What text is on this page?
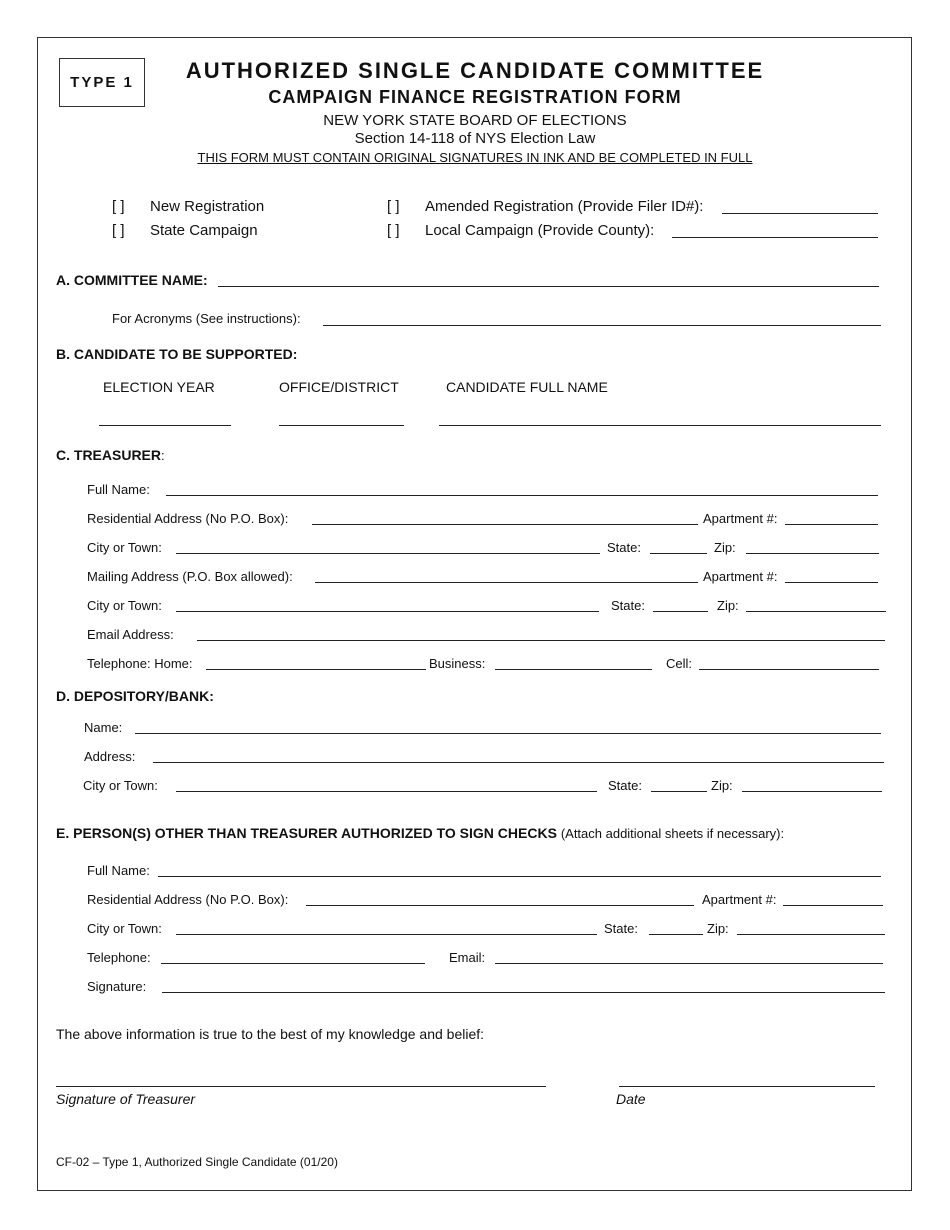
TYPE 1	AUTHORIZED SINGLE CANDIDATE COMMITTEE
CAMPAIGN FINANCE REGISTRATION FORM
NEW YORK STATE BOARD OF ELECTIONS
Section 14-118 of NYS Election Law
THIS FORM MUST CONTAIN ORIGINAL SIGNATURES IN INK AND BE COMPLETED IN FULL
[ ] New Registration	[ ] Amended Registration (Provide Filer ID#):
[ ] State Campaign	[ ] Local Campaign (Provide County):
A. COMMITTEE NAME:
For Acronyms (See instructions):
B. CANDIDATE TO BE SUPPORTED:
ELECTION YEAR	OFFICE/DISTRICT	CANDIDATE FULL NAME
C. TREASURER:
Full Name:
Residential Address (No P.O. Box):	Apartment #:
City or Town:	State:	Zip:
Mailing Address (P.O. Box allowed):	Apartment #:
City or Town:	State:	Zip:
Email Address:
Telephone: Home:	Business:	Cell:
D. DEPOSITORY/BANK:
Name:
Address:
City or Town:	State:	Zip:
E. PERSON(S) OTHER THAN TREASURER AUTHORIZED TO SIGN CHECKS (Attach additional sheets if necessary):
Full Name:
Residential Address (No P.O. Box):	Apartment #:
City or Town:	State:	Zip:
Telephone:	Email:
Signature:
The above information is true to the best of my knowledge and belief:
Signature of Treasurer	Date
CF-02 – Type 1, Authorized Single Candidate (01/20)
